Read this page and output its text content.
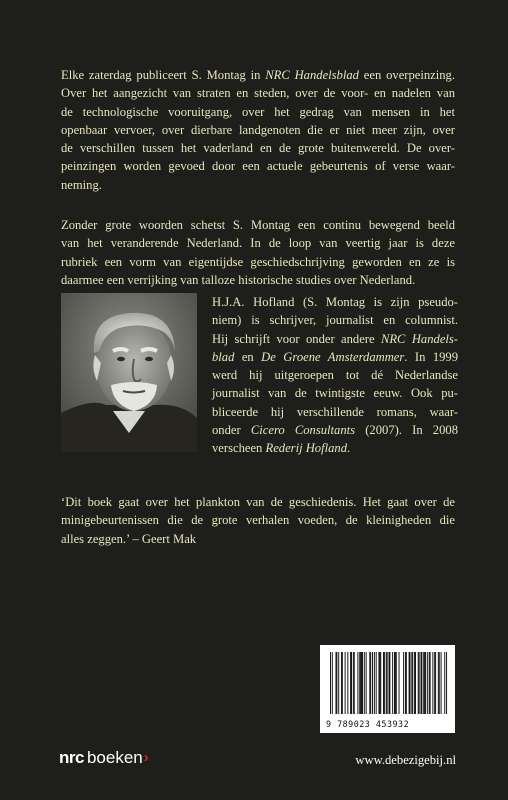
Elke zaterdag publiceert S. Montag in NRC Handelsblad een overpeinzing.
Over het aangezicht van straten en steden, over de voor- en nadelen van
de technologische vooruitgang, over het gedrag van mensen in het
openbaar vervoer, over dierbare landgenoten die er niet meer zijn, over
de verschillen tussen het vaderland en de grote buitenwereld. De over-
peinzingen worden gevoed door een actuele gebeurtenis of verse waar-
neming.
Zonder grote woorden schetst S. Montag een continu bewegend beeld
van het veranderende Nederland. In de loop van veertig jaar is deze
rubriek een vorm van eigentijdse geschiedschrijving geworden en ze is
daarmee een verrijking van talloze historische studies over Nederland.
H.J.A. Hofland (S. Montag is zijn pseudo-
niem) is schrijver, journalist en columnist.
Hij schrijft voor onder andere NRC Handels-
blad en De Groene Amsterdammer. In 1999
werd hij uitgeroepen tot dé Nederlandse
journalist van de twintigste eeuw. Ook pu-
bliceerde hij verschillende romans, waar-
onder Cicero Consultants (2007). In 2008
verscheen Rederij Hofland.
‘Dit boek gaat over het plankton van de geschiedenis. Het gaat over de
minigebeurtenissen die de grote verhalen voeden, de kleinigheden die
alles zeggen.’ – Geert Mak
9 789023 453932
nrc boeken›	www.debezigebij.nl
